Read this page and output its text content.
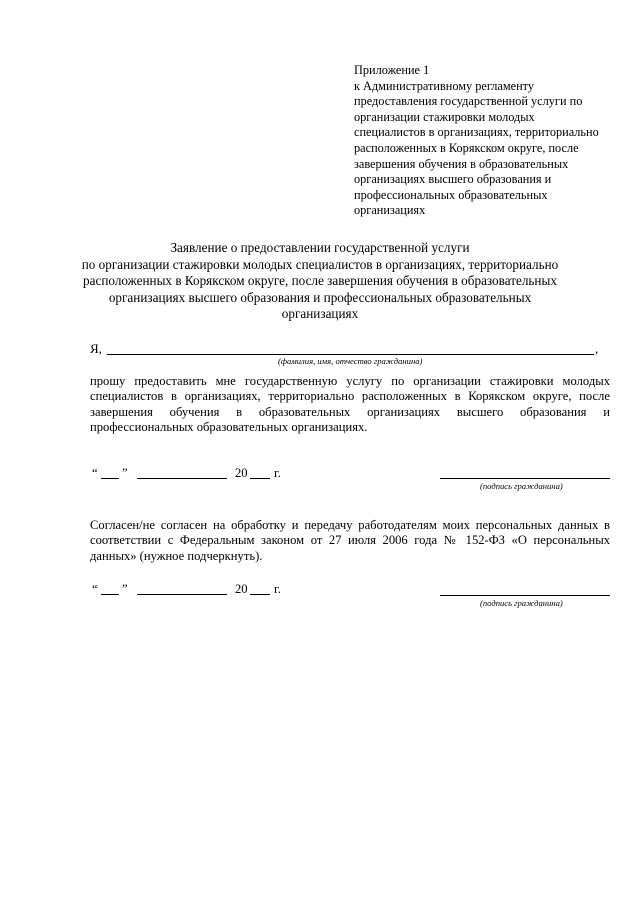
Приложение 1
к Административному регламенту
предоставления государственной услуги по
организации стажировки молодых
специалистов в организациях, территориально
расположенных в Корякском округе, после
завершения обучения в образовательных
организациях высшего образования и
профессиональных образовательных
организациях
Заявление о предоставлении государственной услуги
по организации стажировки молодых специалистов в организациях, территориально
расположенных в Корякском округе, после завершения обучения в образовательных
организациях высшего образования и профессиональных образовательных
организациях
Я,	,
(фамилия, имя, отчество гражданина)
прошу предоставить мне государственную услугу по организации стажировки молодых
специалистов в организациях, территориально расположенных в Корякском округе, после
завершения обучения в образовательных организациях высшего образования и
профессиональных образовательных организациях.
“ ”	20 г.
(подпись гражданина)
Согласен/не согласен на обработку и передачу работодателям моих персональных данных в
соответствии с Федеральным законом от 27 июля 2006 года № 152-ФЗ «О персональных
данных» (нужное подчеркнуть).
“ ”	20 г.
(подпись гражданина)
